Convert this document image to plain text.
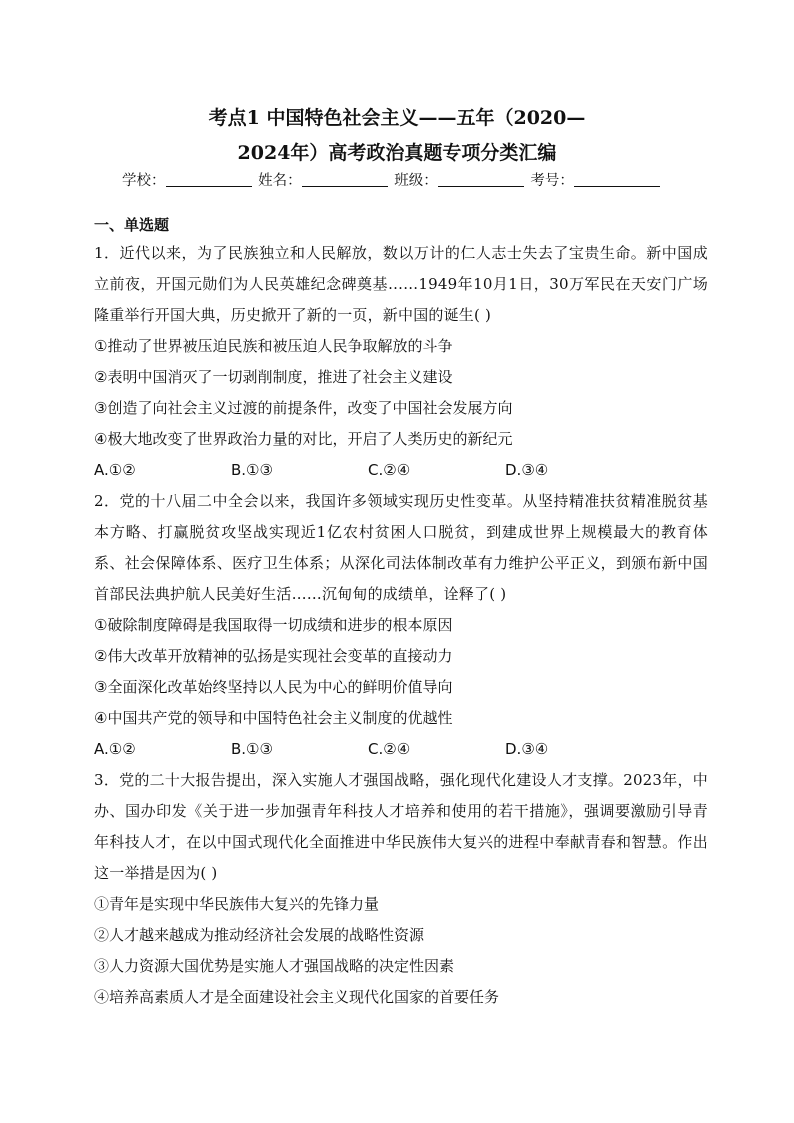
考点1 中国特色社会主义——五年（2020—
2024年）高考政治真题专项分类汇编
学校：	姓名：	班级：	考号：
一、单选题

1．近代以来，为了民族独立和人民解放，数以万计的仁人志士失去了宝贵生命。新中国成立前夜，开国元勋们为人民英雄纪念碑奠基……1949年10月1日，30万军民在天安门广场隆重举行开国大典，历史掀开了新的一页，新中国的诞生( )

①推动了世界被压迫民族和被压迫人民争取解放的斗争

②表明中国消灭了一切剥削制度，推进了社会主义建设

③创造了向社会主义过渡的前提条件，改变了中国社会发展方向

④极大地改变了世界政治力量的对比，开启了人类历史的新纪元

A.①②	B.①③	C.②④	D.③④

2．党的十八届二中全会以来，我国许多领域实现历史性变革。从坚持精准扶贫精准脱贫基本方略、打赢脱贫攻坚战实现近1亿农村贫困人口脱贫，到建成世界上规模最大的教育体系、社会保障体系、医疗卫生体系；从深化司法体制改革有力维护公平正义，到颁布新中国首部民法典护航人民美好生活……沉甸甸的成绩单，诠释了( )

①破除制度障碍是我国取得一切成绩和进步的根本原因

②伟大改革开放精神的弘扬是实现社会变革的直接动力

③全面深化改革始终坚持以人民为中心的鲜明价值导向

④中国共产党的领导和中国特色社会主义制度的优越性

A.①②	B.①③	C.②④	D.③④

3．党的二十大报告提出，深入实施人才强国战略，强化现代化建设人才支撑。2023年，中办、国办印发《关于进一步加强青年科技人才培养和使用的若干措施》，强调要激励引导青年科技人才，在以中国式现代化全面推进中华民族伟大复兴的进程中奉献青春和智慧。作出这一举措是因为( )

①青年是实现中华民族伟大复兴的先锋力量

②人才越来越成为推动经济社会发展的战略性资源

③人力资源大国优势是实施人才强国战略的决定性因素

④培养高素质人才是全面建设社会主义现代化国家的首要任务
